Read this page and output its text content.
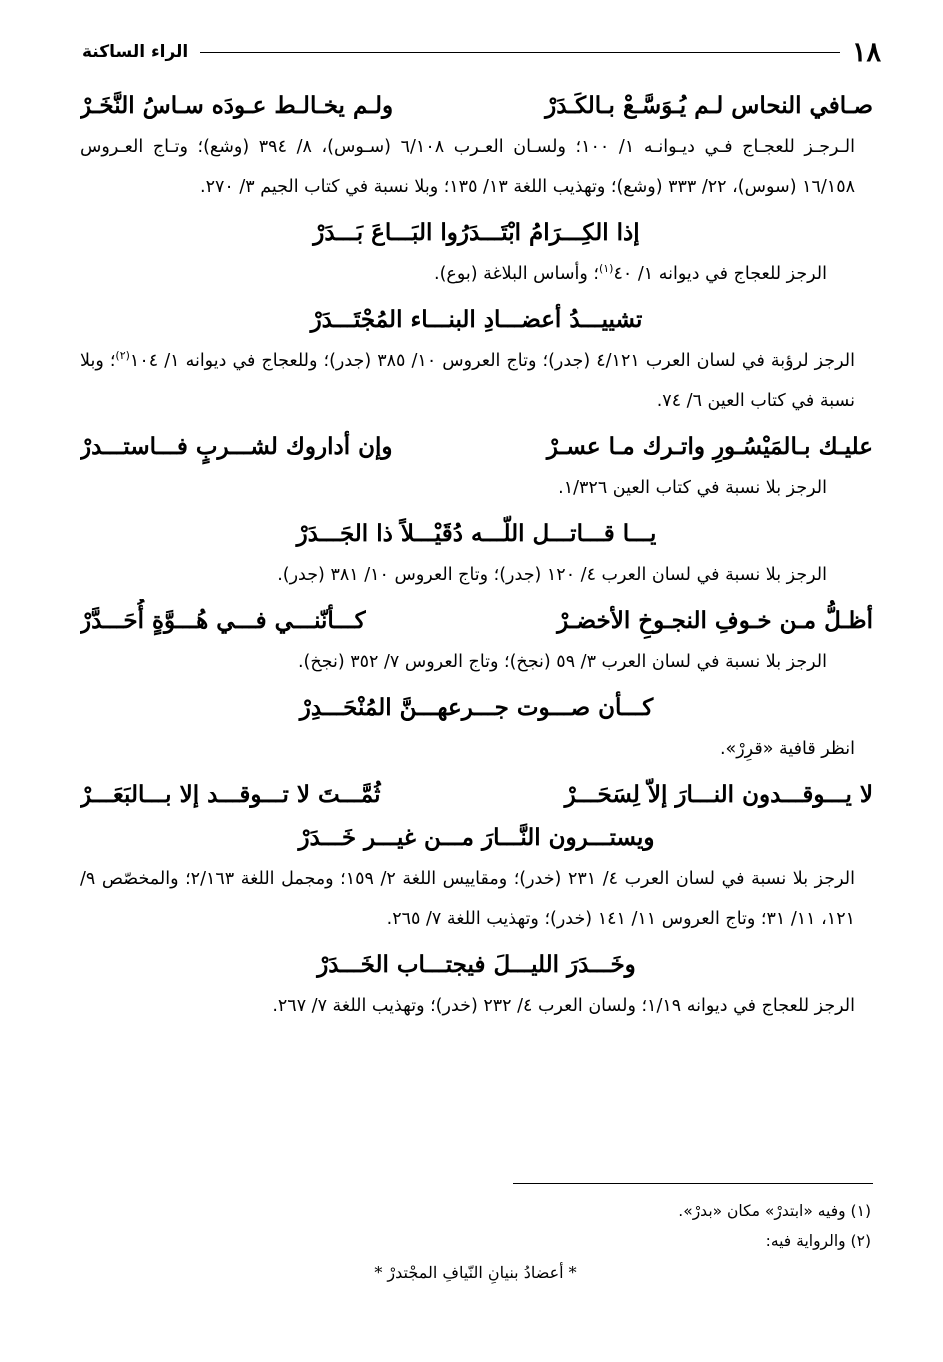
١٨
الراء الساكنة
صـافي النحاس لـم يُـوَسَّـعْ بـالكَـدَرْ
ولـم يخـالـط عـودَه سـاسُ النَّخَـرْ
الـرجـز للعجـاج فـي ديـوانـه ١/ ١٠٠؛ ولسـان العـرب ٦/١٠٨ (سـوس)، ٨/ ٣٩٤ (وشع)؛ وتـاج العـروس ١٦/١٥٨ (سوس)، ٢٢/ ٣٣٣ (وشع)؛ وتهذيب اللغة ١٣/ ١٣٥؛ وبلا نسبة في كتاب الجيم ٣/ ٢٧٠.
إذا الكِـــرَامُ ابْتَـــدَرُوا البَـــاعَ بَـــدَرْ
الرجز للعجاج في ديوانه ١/ ٤٠$^{(١)}$؛ وأساس البلاغة (بوع).
تشييـــدُ أعضـــادِ البنـــاء المُجْتَـــدَرْ
الرجز لرؤبة في لسان العرب ٤/١٢١ (جدر)؛ وتاج العروس ١٠/ ٣٨٥ (جدر)؛ وللعجاج في ديوانه ١/ ١٠٤$^{(٢)}$؛ وبلا نسبة في كتاب العين ٦/ ٧٤.
عليـك بـالمَيْسُـورِ واتـرك مـا عسـرْ
وإن أداروك لشـــربٍ فـــاستـــدرْ
الرجز بلا نسبة في كتاب العين ١/٣٢٦.
يـــا قـــاتـــل اللّـــه دُقَيْـــلاً ذا الجَـــدَرْ
الرجز بلا نسبة في لسان العرب ٤/ ١٢٠ (جدر)؛ وتاج العروس ١٠/ ٣٨١ (جدر).
أظـلُّ مـن خـوفِ النجـوخِ الأخضـرْ
كـــأنّنـــي فـــي هُـــوَّةٍ أُحَـــدَّرْ
الرجز بلا نسبة في لسان العرب ٣/ ٥٩ (نجخ)؛ وتاج العروس ٧/ ٣٥٢ (نجخ).
كـــأن صـــوت جـــرعهـــنَّ المُنْحَـــدِرْ
انظر قافية «قرِرْ».
لا يـــوقـــدون النـــارَ إلاّ لِسَحَـــرْ
ثُمَّـــتَ لا تـــوقـــد إلا بـــالبَعَـــرْ
ويستـــرون النَّـــارَ مـــن غيـــر خَـــدَرْ
الرجز بلا نسبة في لسان العرب ٤/ ٢٣١ (خدر)؛ ومقاييس اللغة ٢/ ١٥٩؛ ومجمل اللغة ٢/١٦٣؛ والمخصّص ٩/ ١٢١، ١١/ ٣١؛ وتاج العروس ١١/ ١٤١ (خدر)؛ وتهذيب اللغة ٧/ ٢٦٥.
وخَـــدَرَ الليـــلَ فيجتـــاب الخَـــدَرْ
الرجز للعجاج في ديوانه ١/١٩؛ ولسان العرب ٤/ ٢٣٢ (خدر)؛ وتهذيب اللغة ٧/ ٢٦٧.
(١) وفيه «ابتدرْ» مكان «بدرْ».
(٢) والرواية فيه:
* أعضادُ بنيانِ النّيافِ المجْتدرْ *
